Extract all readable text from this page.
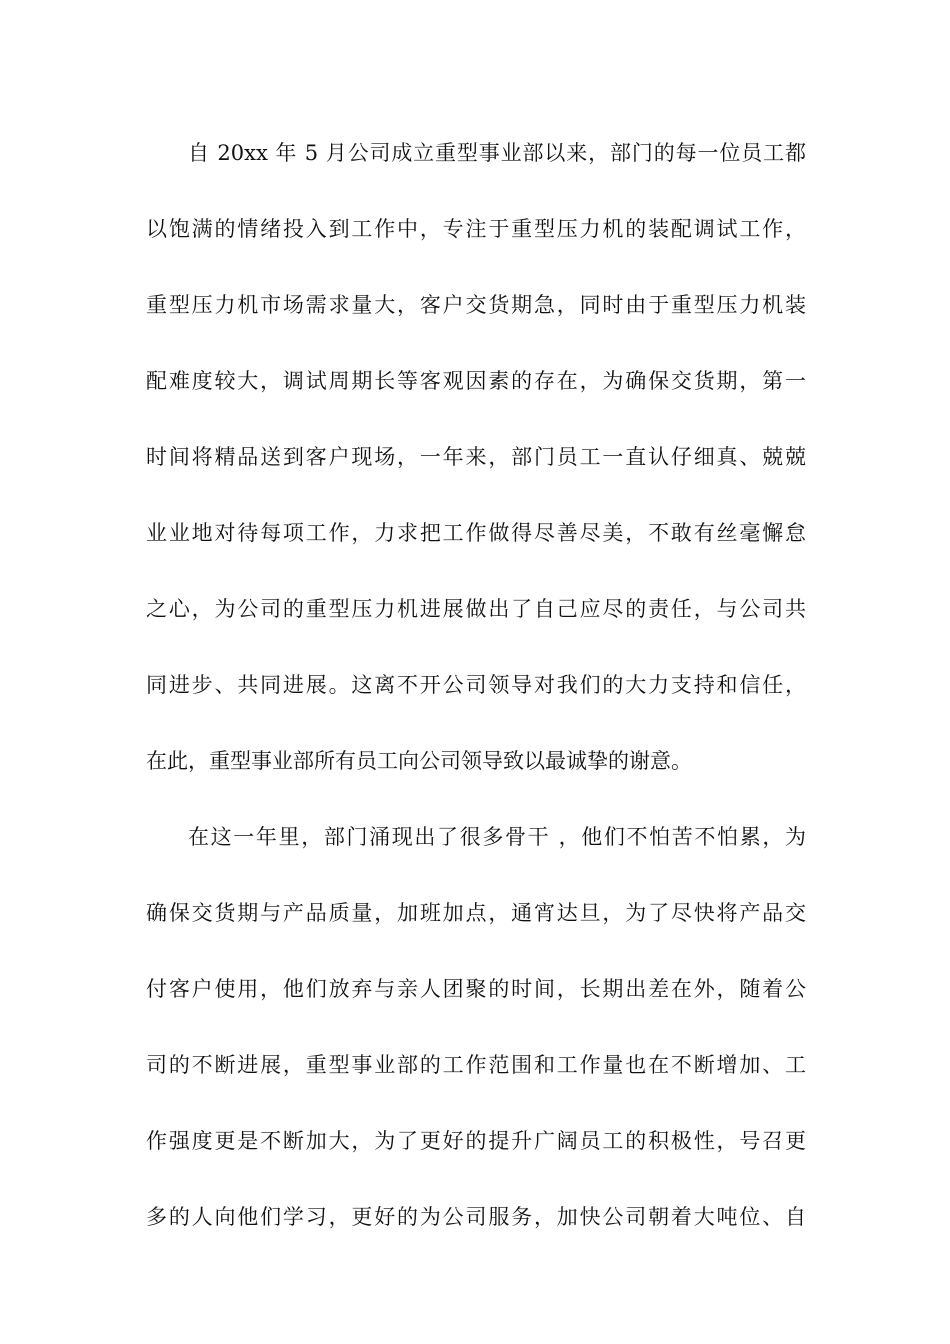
自 20xx 年 5 月公司成立重型事业部以来，部门的每一位员工都
以饱满的情绪投入到工作中，专注于重型压力机的装配调试工作，
重型压力机市场需求量大，客户交货期急，同时由于重型压力机装
配难度较大，调试周期长等客观因素的存在，为确保交货期，第一
时间将精品送到客户现场，一年来，部门员工一直认仔细真、兢兢
业业地对待每项工作，力求把工作做得尽善尽美，不敢有丝毫懈怠
之心，为公司的重型压力机进展做出了自己应尽的责任，与公司共
同进步、共同进展。这离不开公司领导对我们的大力支持和信任，
在此，重型事业部所有员工向公司领导致以最诚挚的谢意。
在这一年里，部门涌现出了很多骨干 ，他们不怕苦不怕累，为
确保交货期与产品质量，加班加点，通宵达旦，为了尽快将产品交
付客户使用，他们放弃与亲人团聚的时间，长期出差在外，随着公
司的不断进展，重型事业部的工作范围和工作量也在不断增加、工
作强度更是不断加大，为了更好的提升广阔员工的积极性，号召更
多的人向他们学习，更好的为公司服务，加快公司朝着大吨位、自
